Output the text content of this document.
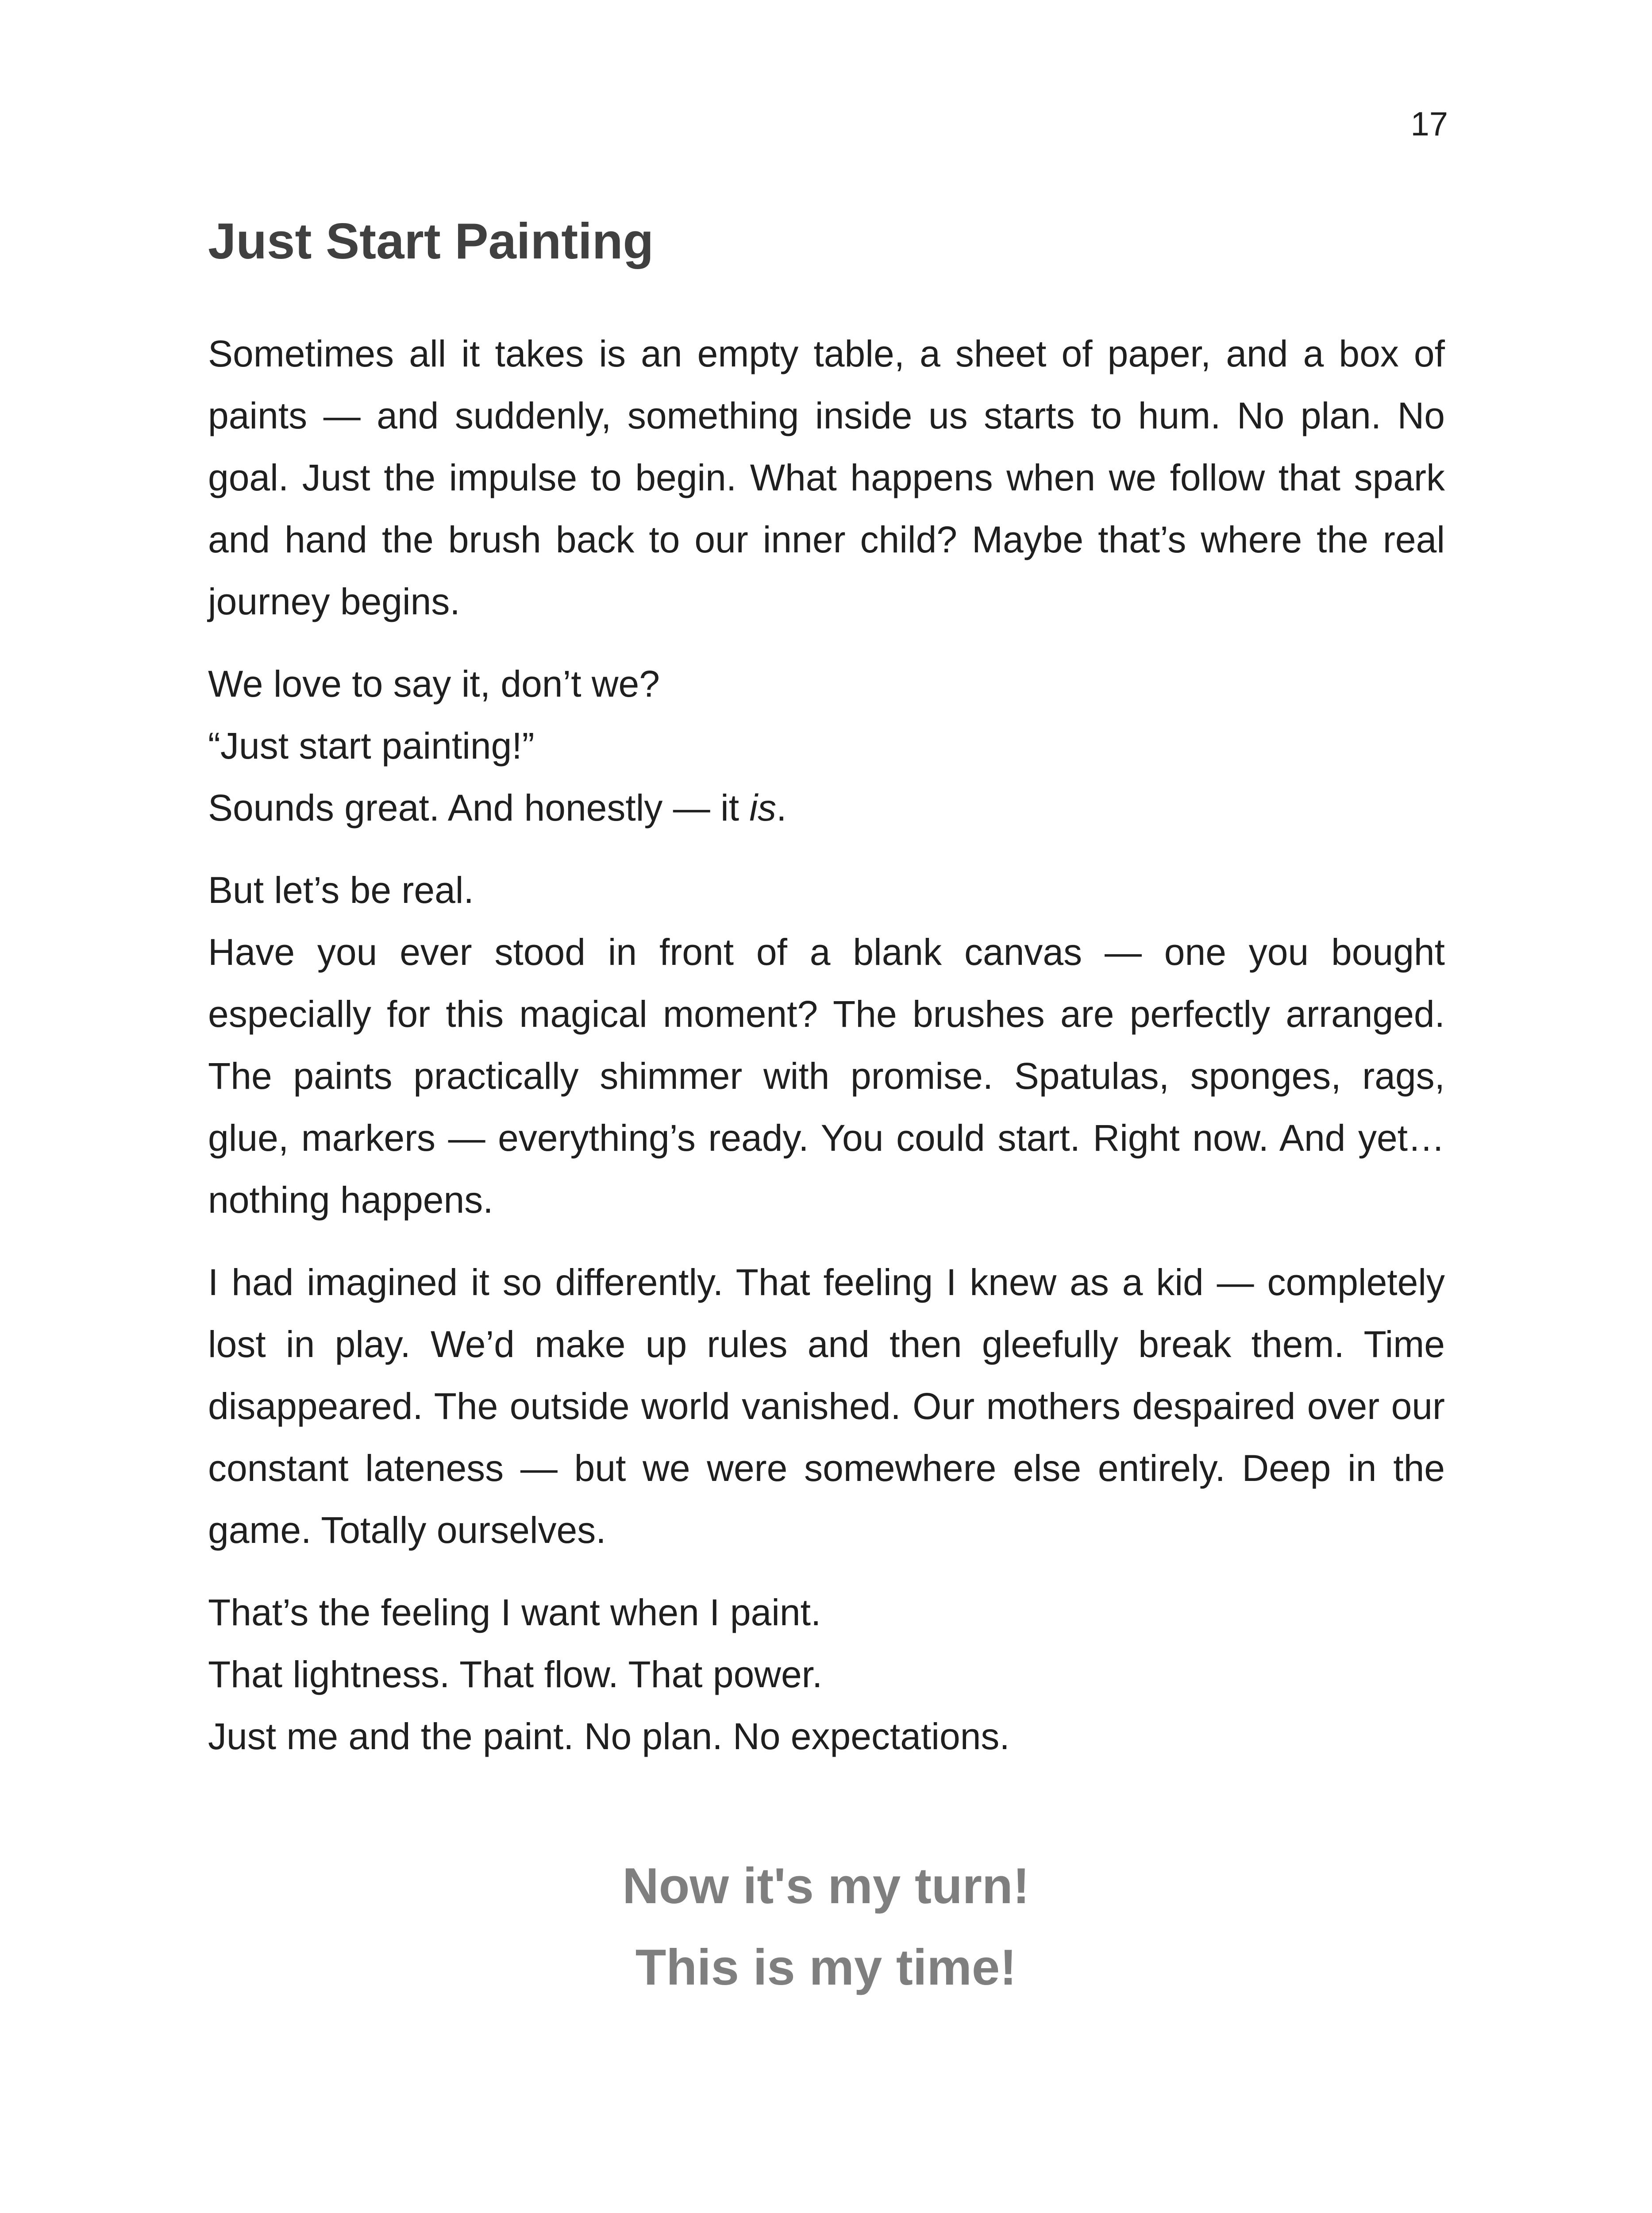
17
Just Start Painting

Sometimes all it takes is an empty table, a sheet of paper, and a box of paints — and suddenly, something inside us starts to hum. No plan. No goal. Just the impulse to begin. What happens when we follow that spark and hand the brush back to our inner child? Maybe that’s where the real journey begins.

We love to say it, don’t we?
“Just start painting!”
Sounds great. And honestly — it is.
But let’s be real.

Have you ever stood in front of a blank canvas — one you bought especially for this magical moment? The brushes are perfectly arranged. The paints practically shimmer with promise. Spatulas, sponges, rags, glue, markers — everything’s ready. You could start. Right now. And yet… nothing happens.

I had imagined it so differently. That feeling I knew as a kid — completely lost in play. We’d make up rules and then gleefully break them. Time disappeared. The outside world vanished. Our mothers despaired over our constant lateness — but we were somewhere else entirely. Deep in the game. Totally ourselves.

That’s the feeling I want when I paint.
That lightness. That flow. That power.
Just me and the paint. No plan. No expectations.
Now it's my turn!
This is my time!
